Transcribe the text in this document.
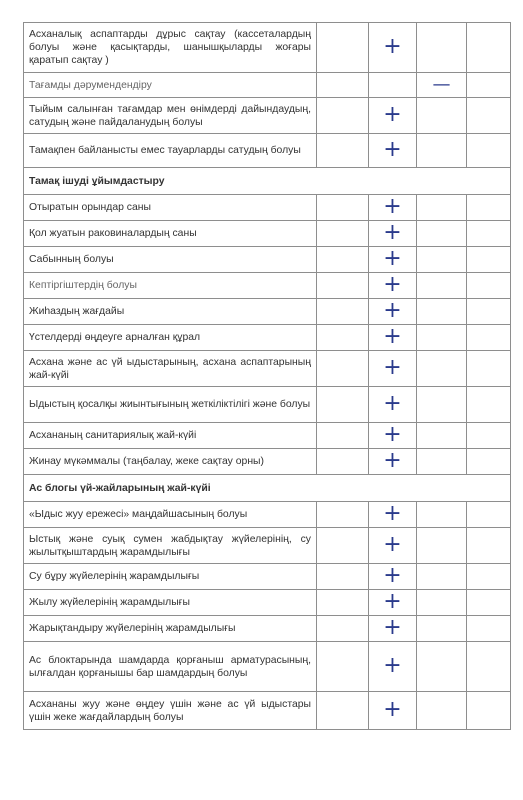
Асханалық аспаптарды дұрыс сақтау (кассеталардың болуы және қасықтарды, шанышқыларды жоғары қаратып сақтау )		+		
Тағамды дәрумендендіру			—	
Тыйым салынған тағамдар мен өнімдерді дайындаудың, сатудың және пайдаланудың болуы		+		
Тамақпен байланысты емес тауарларды сатудың болуы		+		
Тамақ ішуді ұйымдастыру				
Отыратын орындар саны		+		
Қол жуатын раковиналардың саны		+		
Сабынның болуы		+		
Кептіргіштердің болуы		+		
Жиһаздың жағдайы		+		
Үстелдерді өңдеуге арналған құрал		+		
Асхана және ас үй ыдыстарының, асхана аспаптарының жай-күйі		+		
Ыдыстың қосалқы жиынтығының жеткіліктілігі және болуы		+		
Асхананың санитариялық жай-күйі		+		
Жинау мүкәммалы (таңбалау, жеке сақтау орны)		+		
Ас блогы үй-жайларының жай-күйі				
«Ыдыс жуу ережесі» маңдайшасының болуы		+		
Ыстық және суық сумен жабдықтау жүйелерінің, су жылытқыштардың жарамдылығы		+		
Су бұру жүйелерінің жарамдылығы		+		
Жылу жүйелерінің жарамдылығы		+		
Жарықтандыру жүйелерінің жарамдылығы		+		
Ас блоктарында шамдарда қорғаныш арматурасының, ылғалдан қорғанышы бар шамдардың болуы		+		
Асхананы жуу және өңдеу үшін және ас үй ыдыстары үшін жеке жағдайлардың болуы		+		
